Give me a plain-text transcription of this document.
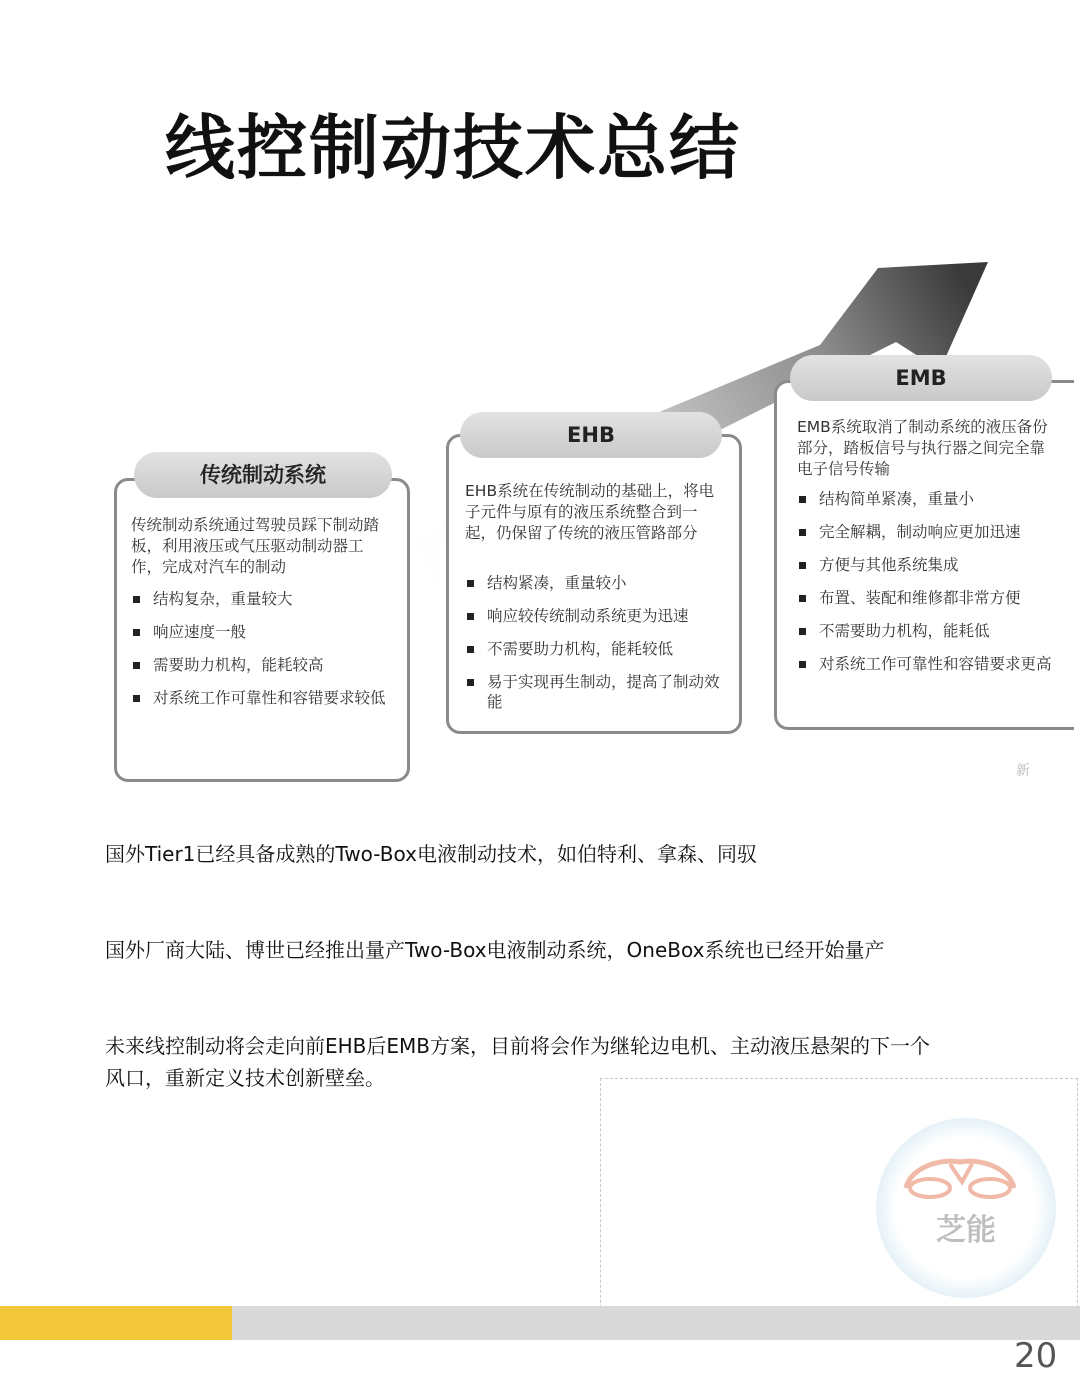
线控制动技术总结
传统制动系统通过驾驶员踩下制动踏板，利用液压或气压驱动制动器工作，完成对汽车的制动
结构复杂，重量较大
响应速度一般
需要助力机构，能耗较高
对系统工作可靠性和容错要求较低
传统制动系统
EHB系统在传统制动的基础上，将电子元件与原有的液压系统整合到一起，仍保留了传统的液压管路部分
结构紧凑，重量较小
响应较传统制动系统更为迅速
不需要助力机构，能耗较低
易于实现再生制动，提高了制动效能
EHB	EMB系统取消了制动系统的液压备份部分，踏板信号与执行器之间完全靠电子信号传输
结构简单紧凑，重量小
完全解耦，制动响应更加迅速
方便与其他系统集成
布置、装配和维修都非常方便
不需要助力机构，能耗低
对系统工作可靠性和容错要求更高
EMB
新

国外Tier1已经具备成熟的Two-Box电液制动技术，如伯特利、拿森、同驭

国外厂商大陆、博世已经推出量产Two-Box电液制动系统，OneBox系统也已经开始量产

未来线控制动将会走向前EHB后EMB方案，目前将会作为继轮边电机、主动液压悬架的下一个风口，重新定义技术创新壁垒。

芝能
20
